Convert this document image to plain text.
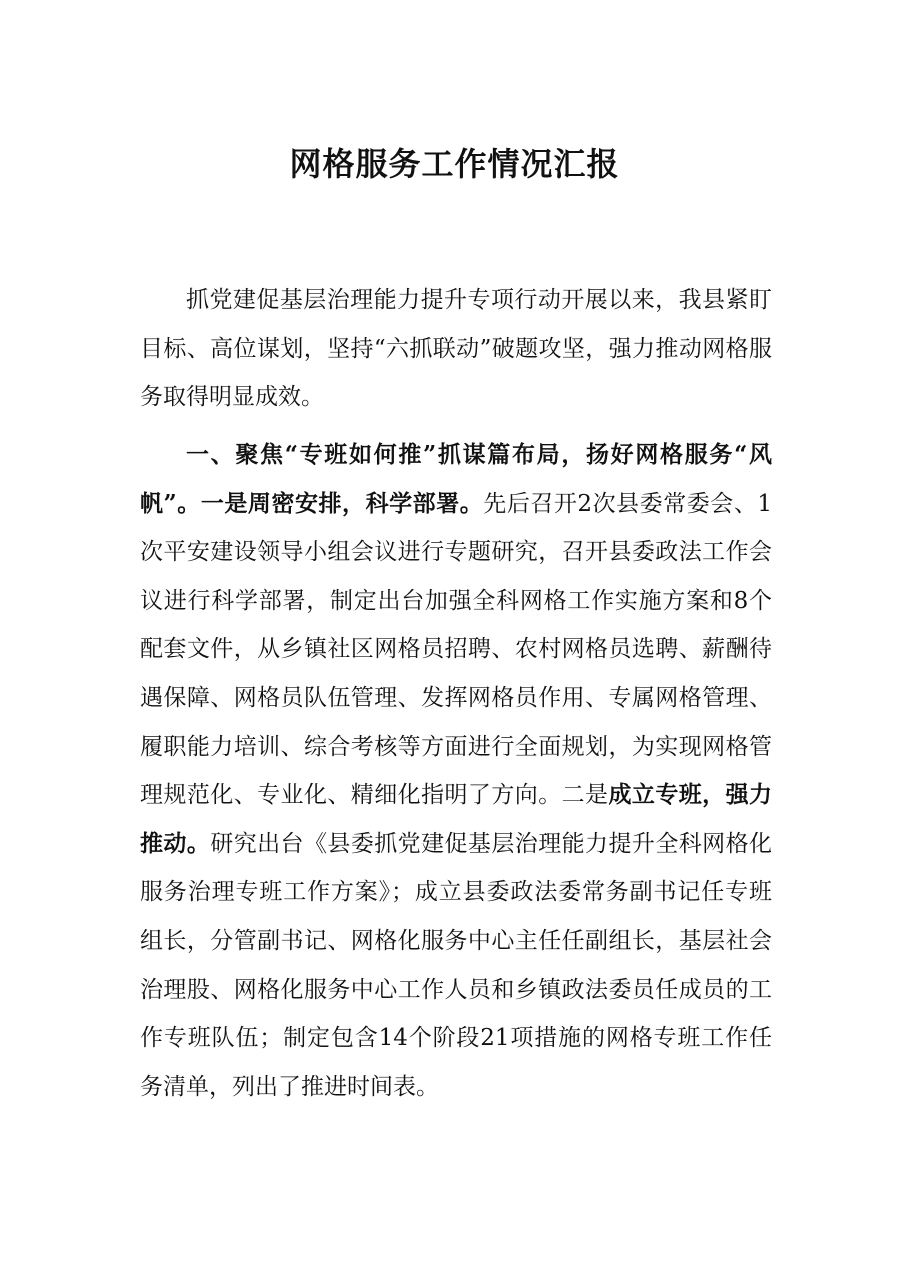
网格服务工作情况汇报

抓党建促基层治理能力提升专项行动开展以来，我县紧盯目标、高位谋划，坚持“六抓联动”破题攻坚，强力推动网格服务取得明显成效。

一、聚焦“专班如何推”抓谋篇布局，扬好网格服务“风帆”。一是周密安排，科学部署。先后召开2次县委常委会、1次平安建设领导小组会议进行专题研究，召开县委政法工作会议进行科学部署，制定出台加强全科网格工作实施方案和8个配套文件，从乡镇社区网格员招聘、农村网格员选聘、薪酬待遇保障、网格员队伍管理、发挥网格员作用、专属网格管理、履职能力培训、综合考核等方面进行全面规划，为实现网格管理规范化、专业化、精细化指明了方向。二是成立专班，强力推动。研究出台《县委抓党建促基层治理能力提升全科网格化服务治理专班工作方案》；成立县委政法委常务副书记任专班组长，分管副书记、网格化服务中心主任任副组长，基层社会治理股、网格化服务中心工作人员和乡镇政法委员任成员的工作专班队伍；制定包含14个阶段21项措施的网格专班工作任务清单，列出了推进时间表。
